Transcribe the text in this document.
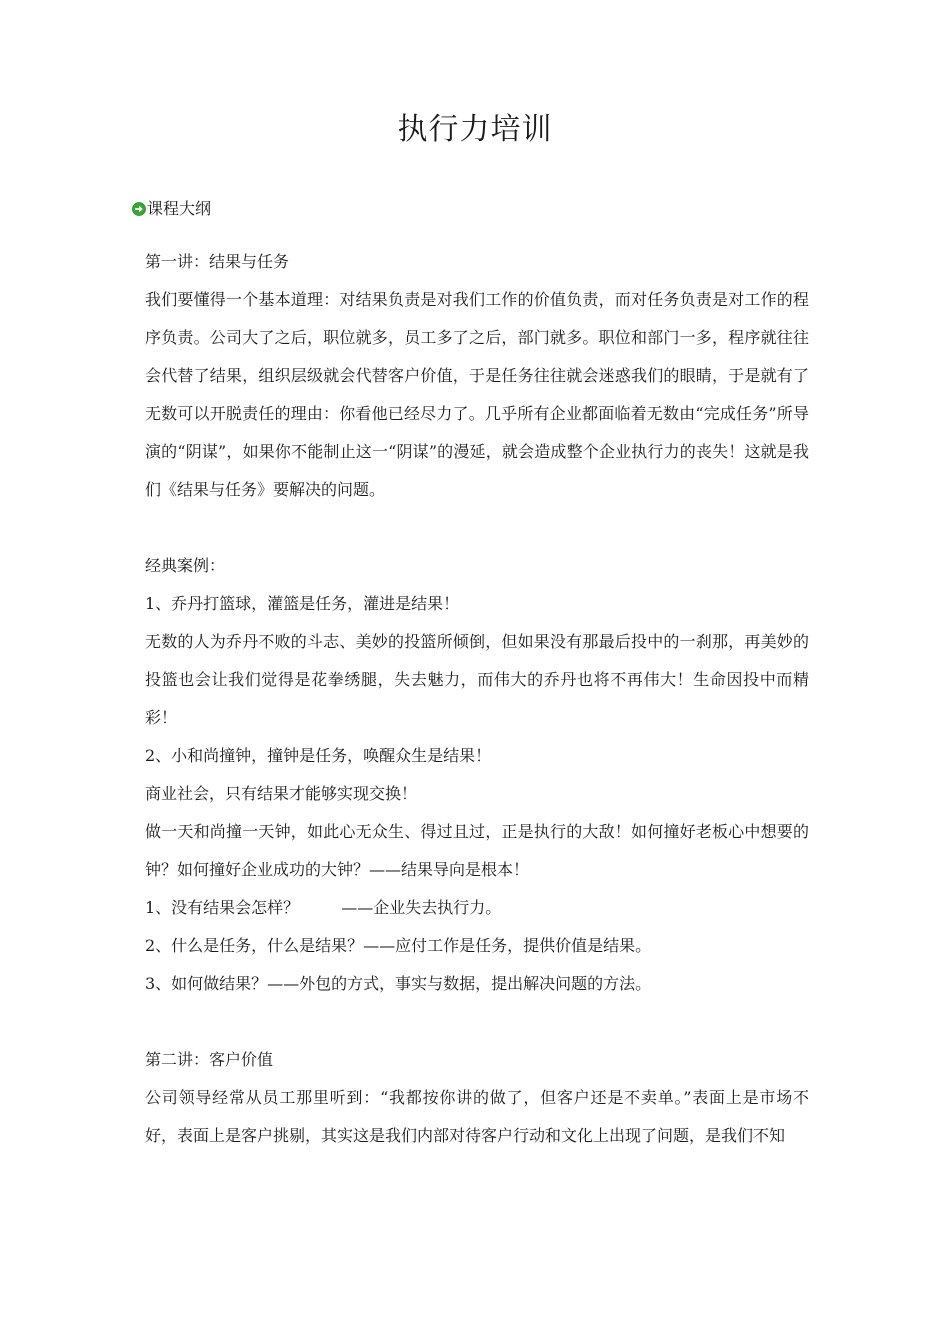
执行力培训
课程大纲

第一讲：结果与任务

我们要懂得一个基本道理：对结果负责是对我们工作的价值负责，而对任务负责是对工作的程序负责。公司大了之后，职位就多，员工多了之后，部门就多。职位和部门一多，程序就往往会代替了结果，组织层级就会代替客户价值，于是任务往往就会迷惑我们的眼睛，于是就有了无数可以开脱责任的理由：你看他已经尽力了。几乎所有企业都面临着无数由“完成任务”所导演的“阴谋”，如果你不能制止这一“阴谋”的漫延，就会造成整个企业执行力的丧失！这就是我们《结果与任务》要解决的问题。

经典案例：

1、乔丹打篮球，灌篮是任务，灌进是结果！

无数的人为乔丹不败的斗志、美妙的投篮所倾倒，但如果没有那最后投中的一刹那，再美妙的投篮也会让我们觉得是花拳绣腿，失去魅力，而伟大的乔丹也将不再伟大！生命因投中而精彩！

2、小和尚撞钟，撞钟是任务，唤醒众生是结果！

商业社会，只有结果才能够实现交换！

做一天和尚撞一天钟，如此心无众生、得过且过，正是执行的大敌！如何撞好老板心中想要的钟？如何撞好企业成功的大钟？——结果导向是根本！

1、没有结果会怎样？	——企业失去执行力。

2、什么是任务，什么是结果？——应付工作是任务，提供价值是结果。

3、如何做结果？——外包的方式，事实与数据，提出解决问题的方法。

第二讲：客户价值

公司领导经常从员工那里听到：“我都按你讲的做了，但客户还是不卖单。”表面上是市场不好，表面上是客户挑剔，其实这是我们内部对待客户行动和文化上出现了问题，是我们不知
